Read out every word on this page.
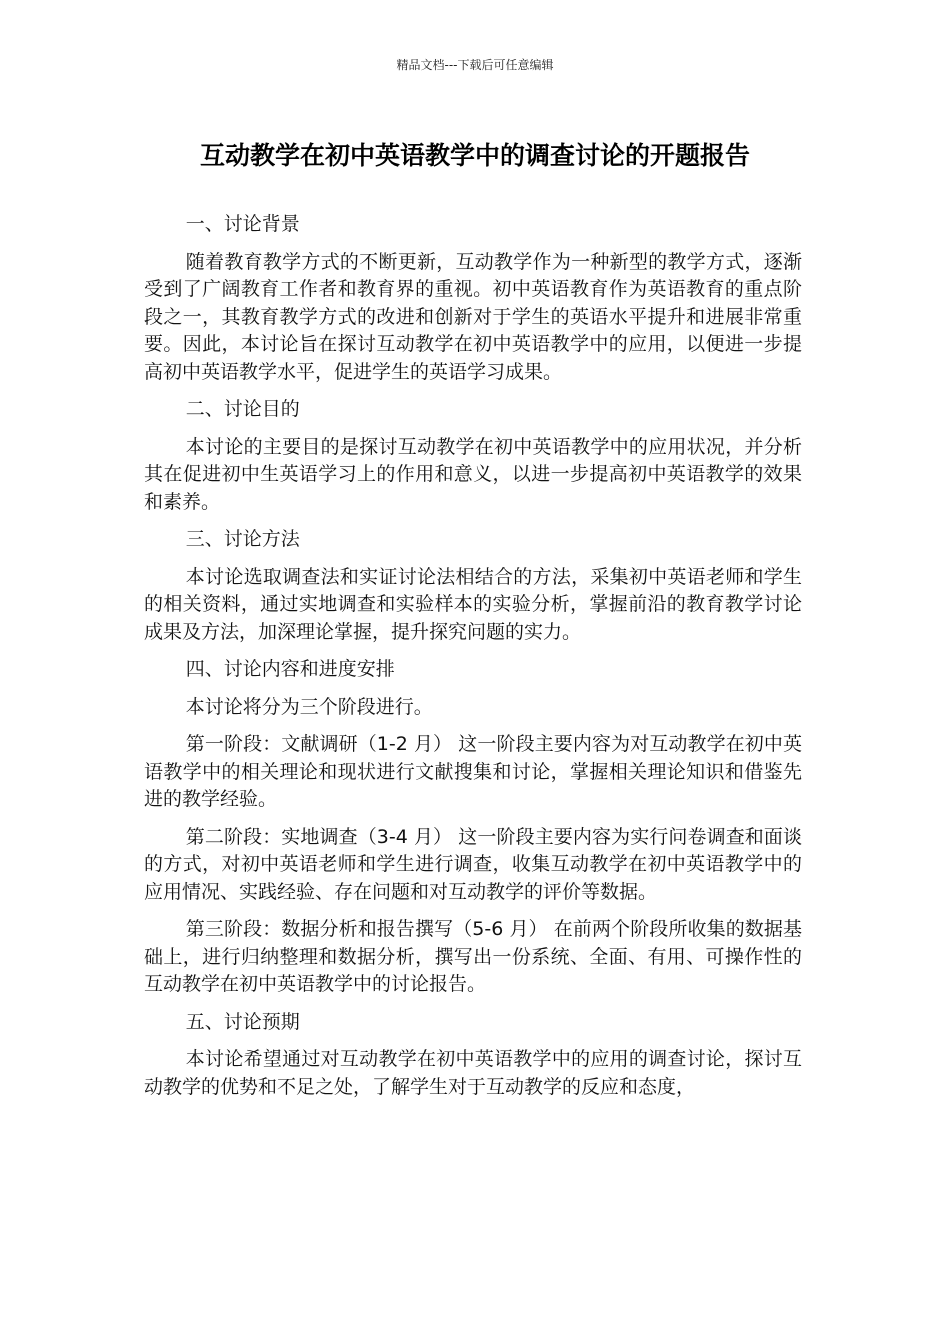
精品文档---下载后可任意编辑
互动教学在初中英语教学中的调查讨论的开题报告

一、讨论背景

随着教育教学方式的不断更新，互动教学作为一种新型的教学方式，逐渐受到了广阔教育工作者和教育界的重视。初中英语教育作为英语教育的重点阶段之一，其教育教学方式的改进和创新对于学生的英语水平提升和进展非常重要。因此，本讨论旨在探讨互动教学在初中英语教学中的应用，以便进一步提高初中英语教学水平，促进学生的英语学习成果。

二、讨论目的

本讨论的主要目的是探讨互动教学在初中英语教学中的应用状况，并分析其在促进初中生英语学习上的作用和意义，以进一步提高初中英语教学的效果和素养。

三、讨论方法

本讨论选取调查法和实证讨论法相结合的方法，采集初中英语老师和学生的相关资料，通过实地调查和实验样本的实验分析，掌握前沿的教育教学讨论成果及方法，加深理论掌握，提升探究问题的实力。

四、讨论内容和进度安排

本讨论将分为三个阶段进行。

第一阶段：文献调研（1-2 月） 这一阶段主要内容为对互动教学在初中英语教学中的相关理论和现状进行文献搜集和讨论，掌握相关理论知识和借鉴先进的教学经验。

第二阶段：实地调查（3-4 月） 这一阶段主要内容为实行问卷调查和面谈的方式，对初中英语老师和学生进行调查，收集互动教学在初中英语教学中的应用情况、实践经验、存在问题和对互动教学的评价等数据。

第三阶段：数据分析和报告撰写（5-6 月） 在前两个阶段所收集的数据基础上，进行归纳整理和数据分析，撰写出一份系统、全面、有用、可操作性的互动教学在初中英语教学中的讨论报告。

五、讨论预期

本讨论希望通过对互动教学在初中英语教学中的应用的调查讨论，探讨互动教学的优势和不足之处，了解学生对于互动教学的反应和态度，
